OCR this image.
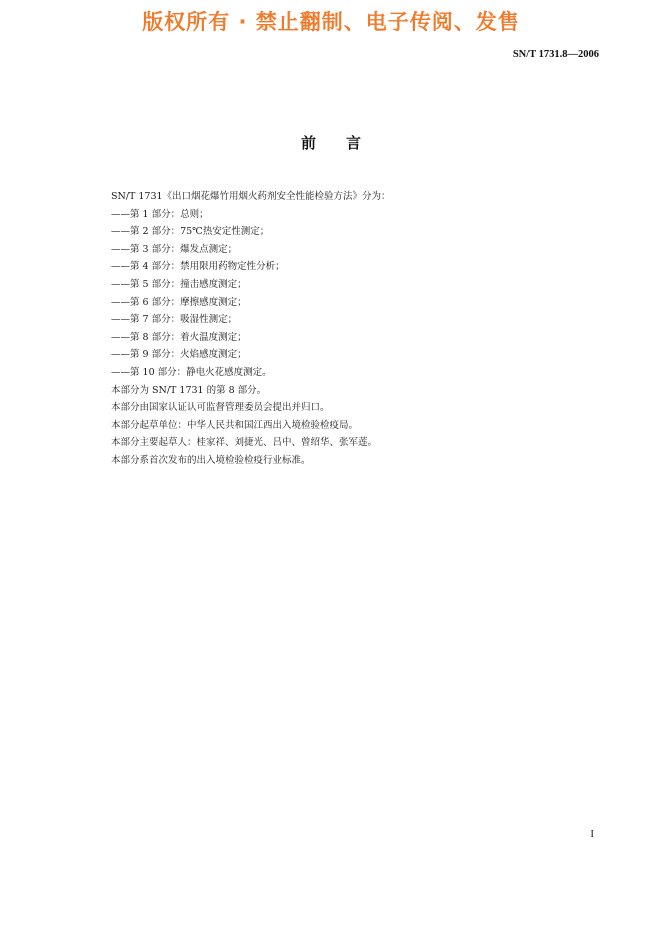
版权所有 · 禁止翻制、电子传阅、发售
SN/T 1731.8—2006
前言
SN/T 1731《出口烟花爆竹用烟火药剂安全性能检验方法》分为：
——第 1 部分：总则；
——第 2 部分：75℃热安定性测定；
——第 3 部分：爆发点测定；
——第 4 部分：禁用限用药物定性分析；
——第 5 部分：撞击感度测定；
——第 6 部分：摩擦感度测定；
——第 7 部分：吸湿性测定；
——第 8 部分：着火温度测定；
——第 9 部分：火焰感度测定；
——第 10 部分：静电火花感度测定。
本部分为 SN/T 1731 的第 8 部分。
本部分由国家认证认可监督管理委员会提出并归口。
本部分起草单位：中华人民共和国江西出入境检验检疫局。
本部分主要起草人：桂家祥、刘捷光、吕中、曾绍华、张军莲。
本部分系首次发布的出入境检验检疫行业标准。
I
